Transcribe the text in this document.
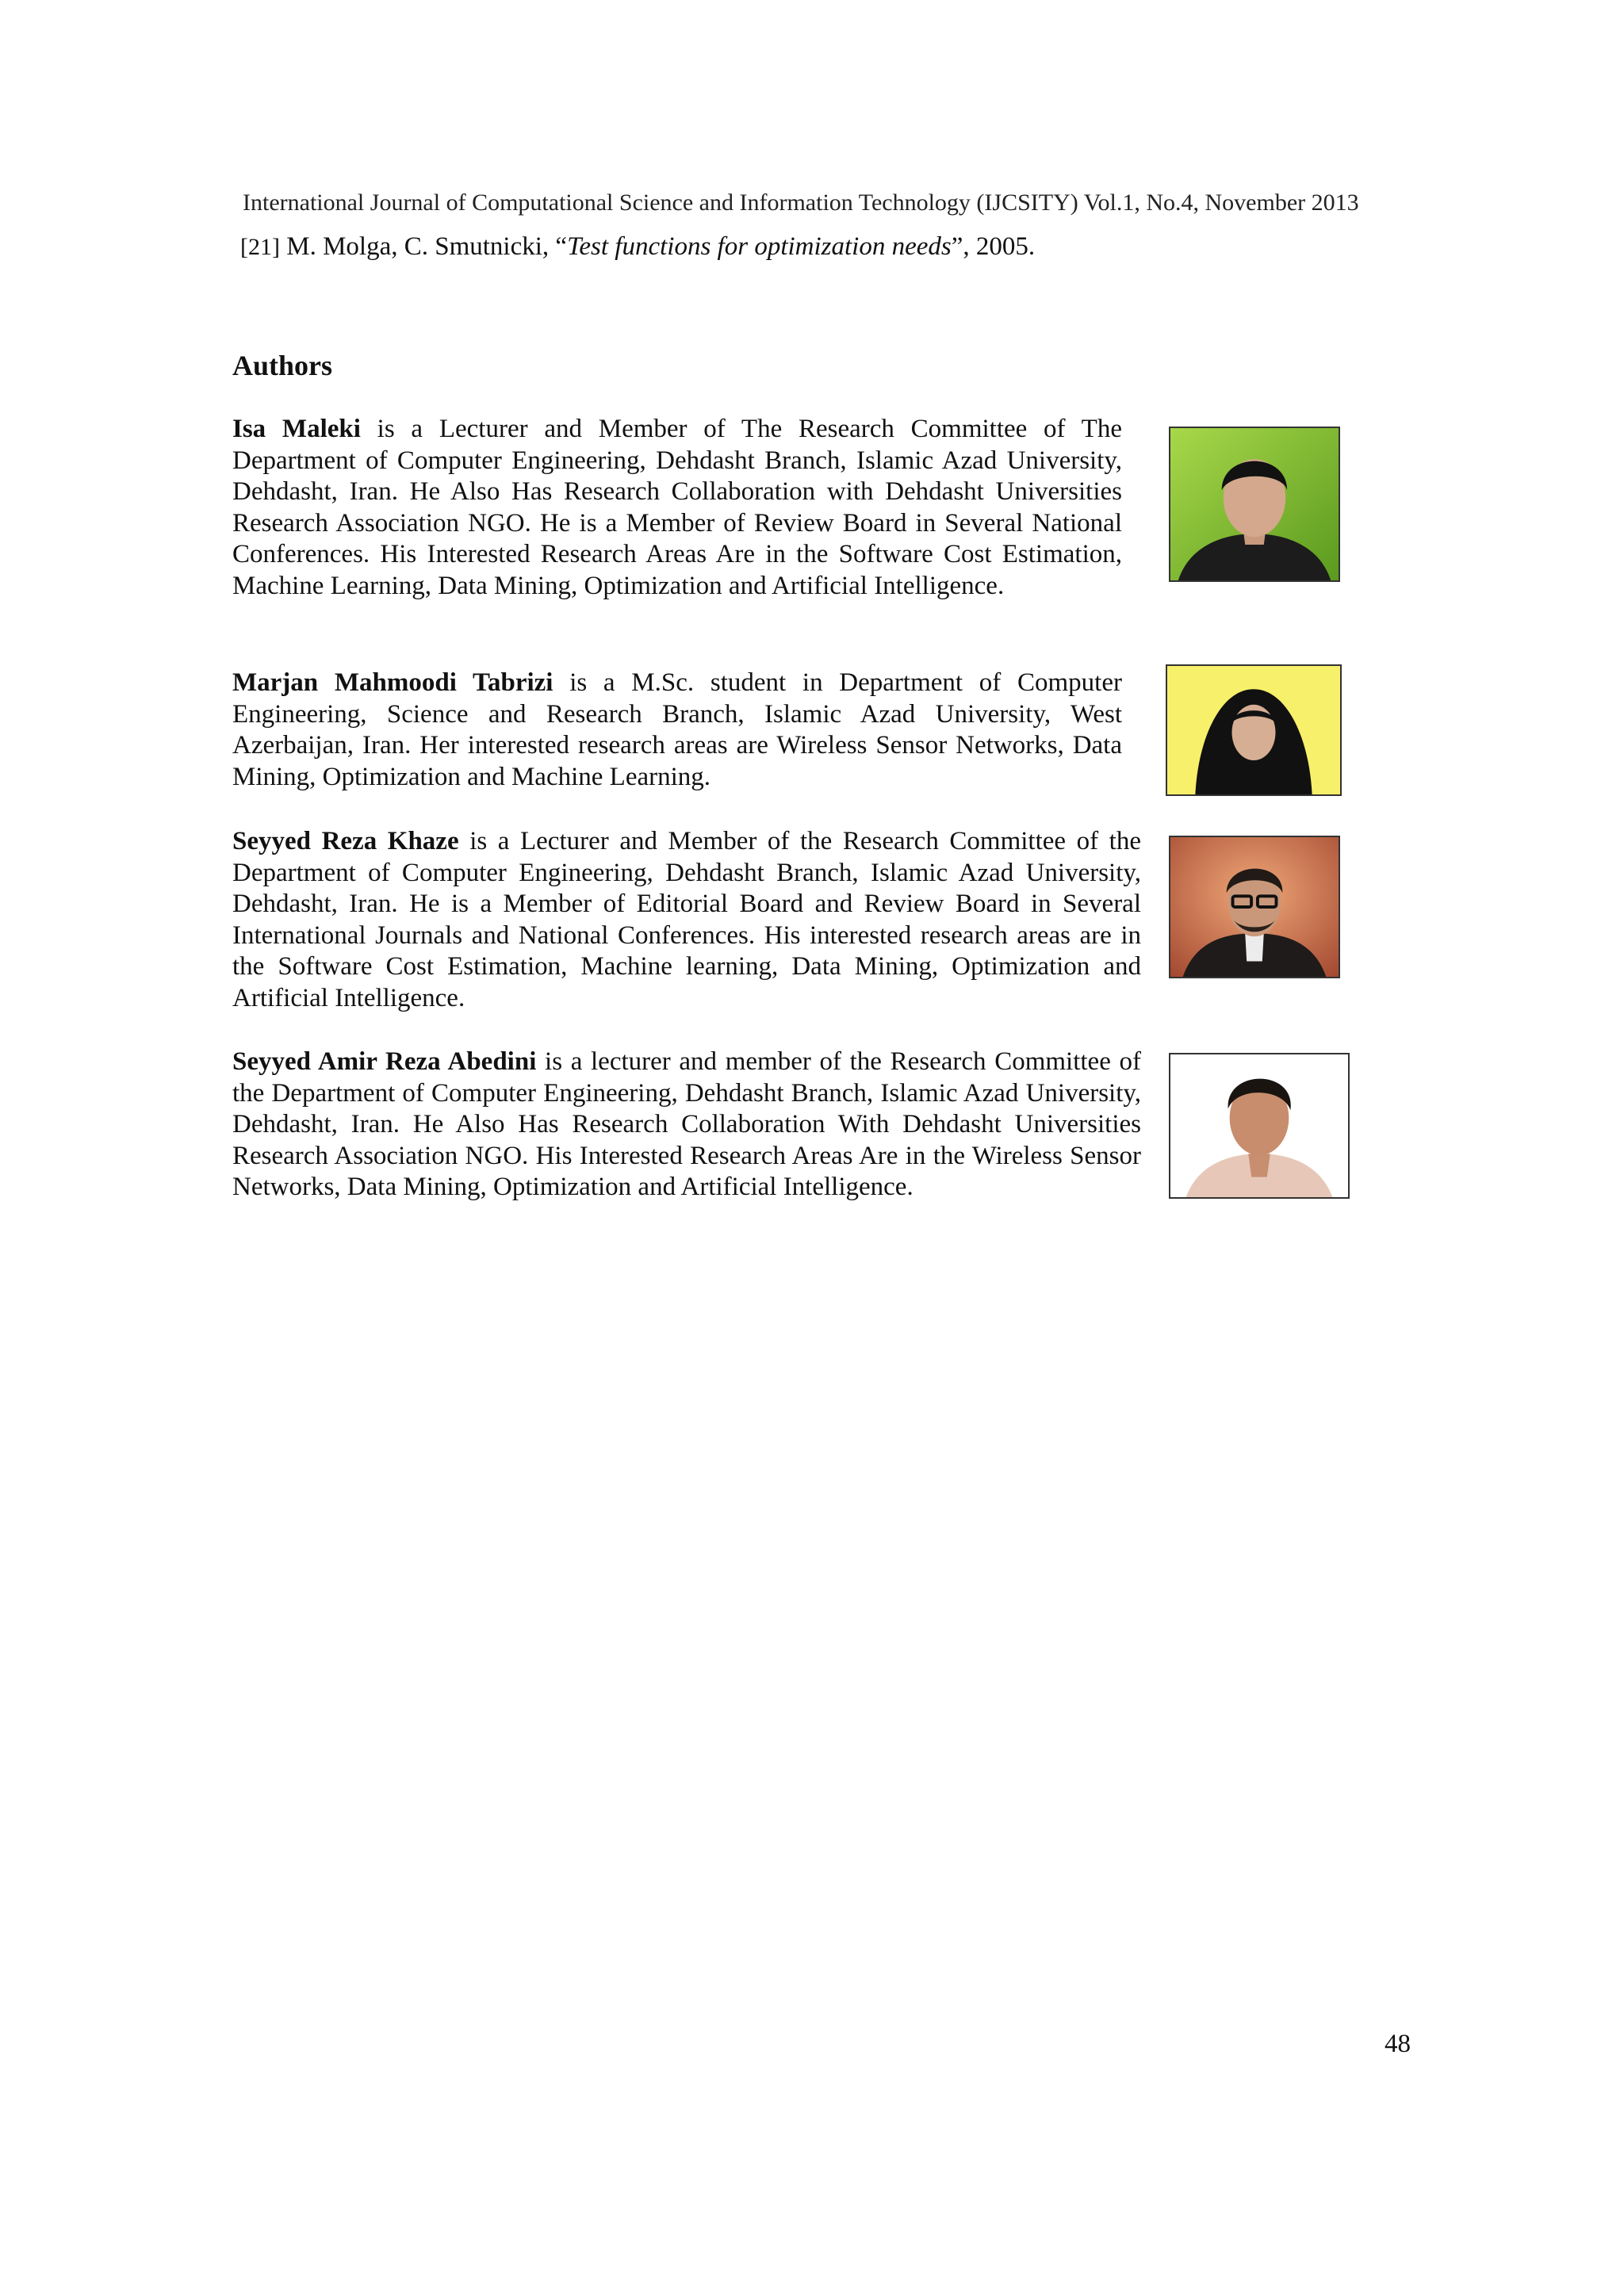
International Journal of Computational Science and Information Technology (IJCSITY) Vol.1, No.4, November 2013
[21] M. Molga, C. Smutnicki, “Test functions for optimization needs”, 2005.
Authors

Isa Maleki is a Lecturer and Member of The Research Committee of The Department of Computer Engineering, Dehdasht Branch, Islamic Azad University, Dehdasht, Iran. He Also Has Research Collaboration with Dehdasht Universities Research Association NGO. He is a Member of Review Board in Several National Conferences. His Interested Research Areas Are in the Software Cost Estimation, Machine Learning, Data Mining, Optimization and Artificial Intelligence.

Marjan Mahmoodi Tabrizi is a M.Sc. student in Department of Computer Engineering, Science and Research Branch, Islamic Azad University, West Azerbaijan, Iran. Her interested research areas are Wireless Sensor Networks, Data Mining, Optimization and Machine Learning.

Seyyed Reza Khaze is a Lecturer and Member of the Research Committee of the Department of Computer Engineering, Dehdasht Branch, Islamic Azad University, Dehdasht, Iran. He is a Member of Editorial Board and Review Board in Several International Journals and National Conferences. His interested research areas are in the Software Cost Estimation, Machine learning, Data Mining, Optimization and Artificial Intelligence.

Seyyed Amir Reza Abedini is a lecturer and member of the Research Committee of the Department of Computer Engineering, Dehdasht Branch, Islamic Azad University, Dehdasht, Iran. He Also Has Research Collaboration With Dehdasht Universities Research Association NGO. His Interested Research Areas Are in the Wireless Sensor Networks, Data Mining, Optimization and Artificial Intelligence.

48
